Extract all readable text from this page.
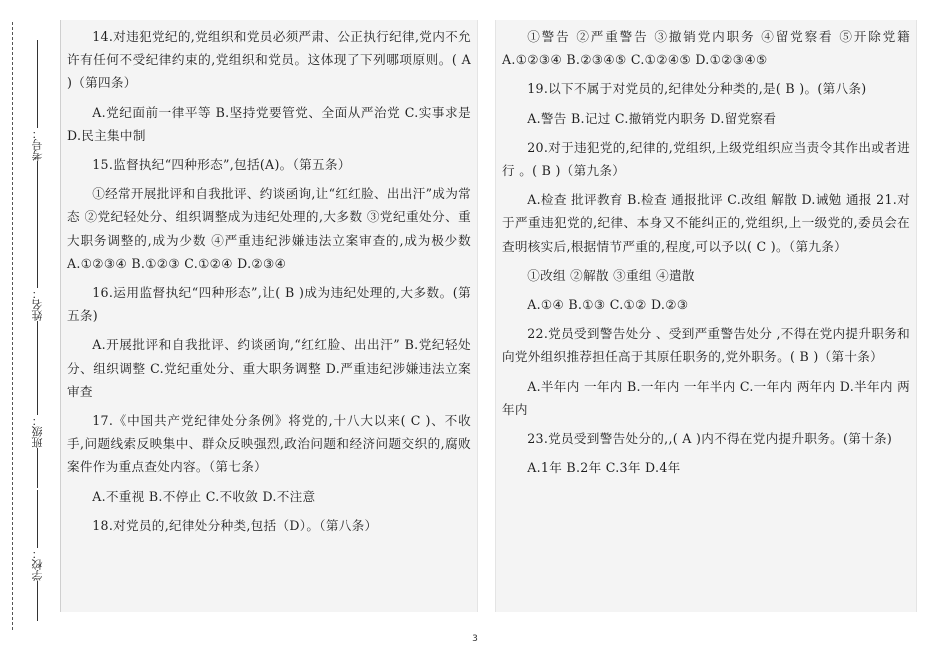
考号：
姓名：
班级：
学校：

14.对违犯党纪的,党组织和党员必须严肃、公正执行纪律,党内不允许有任何不受纪律约束的,党组织和党员。这体现了下列哪项原则。( A )（第四条）

A.党纪面前一律平等 B.坚持党要管党、全面从严治党 C.实事求是 D.民主集中制

15.监督执纪“四种形态”,包括(A)。（第五条）

①经常开展批评和自我批评、约谈函询,让“红红脸、出出汗”成为常态 ②党纪轻处分、组织调整成为违纪处理的,大多数 ③党纪重处分、重大职务调整的,成为少数 ④严重违纪涉嫌违法立案审查的,成为极少数 A.①②③④ B.①②③ C.①②④ D.②③④

16.运用监督执纪“四种形态”,让( B )成为违纪处理的,大多数。(第五条)

A.开展批评和自我批评、约谈函询,“红红脸、出出汗” B.党纪轻处分、组织调整 C.党纪重处分、重大职务调整 D.严重违纪涉嫌违法立案审查

17.《中国共产党纪律处分条例》将党的,十八大以来( C )、不收手,问题线索反映集中、群众反映强烈,政治问题和经济问题交织的,腐败案件作为重点查处内容。（第七条）

A.不重视 B.不停止 C.不收敛 D.不注意

18.对党员的,纪律处分种类,包括（D）。（第八条）

①警告 ②严重警告 ③撤销党内职务 ④留党察看 ⑤开除党籍 A.①②③④ B.②③④⑤ C.①②④⑤ D.①②③④⑤

19.以下不属于对党员的,纪律处分种类的,是( B )。(第八条)

A.警告 B.记过 C.撤销党内职务 D.留党察看

20.对于违犯党的,纪律的,党组织,上级党组织应当责令其作出或者进行 。( B )（第九条）

A.检查 批评教育 B.检查 通报批评 C.改组 解散 D.诫勉 通报 21.对于严重违犯党的,纪律、本身又不能纠正的,党组织,上一级党的,委员会在查明核实后,根据情节严重的,程度,可以予以( C )。（第九条）

①改组 ②解散 ③重组 ④遣散

A.①④ B.①③ C.①② D.②③

22.党员受到警告处分 、受到严重警告处分 ,不得在党内提升职务和向党外组织推荐担任高于其原任职务的,党外职务。( B )（第十条）

A.半年内 一年内 B.一年内 一年半内 C.一年内 两年内 D.半年内 两年内

23.党员受到警告处分的,,( A )内不得在党内提升职务。(第十条)

A.1年 B.2年 C.3年 D.4年

3
